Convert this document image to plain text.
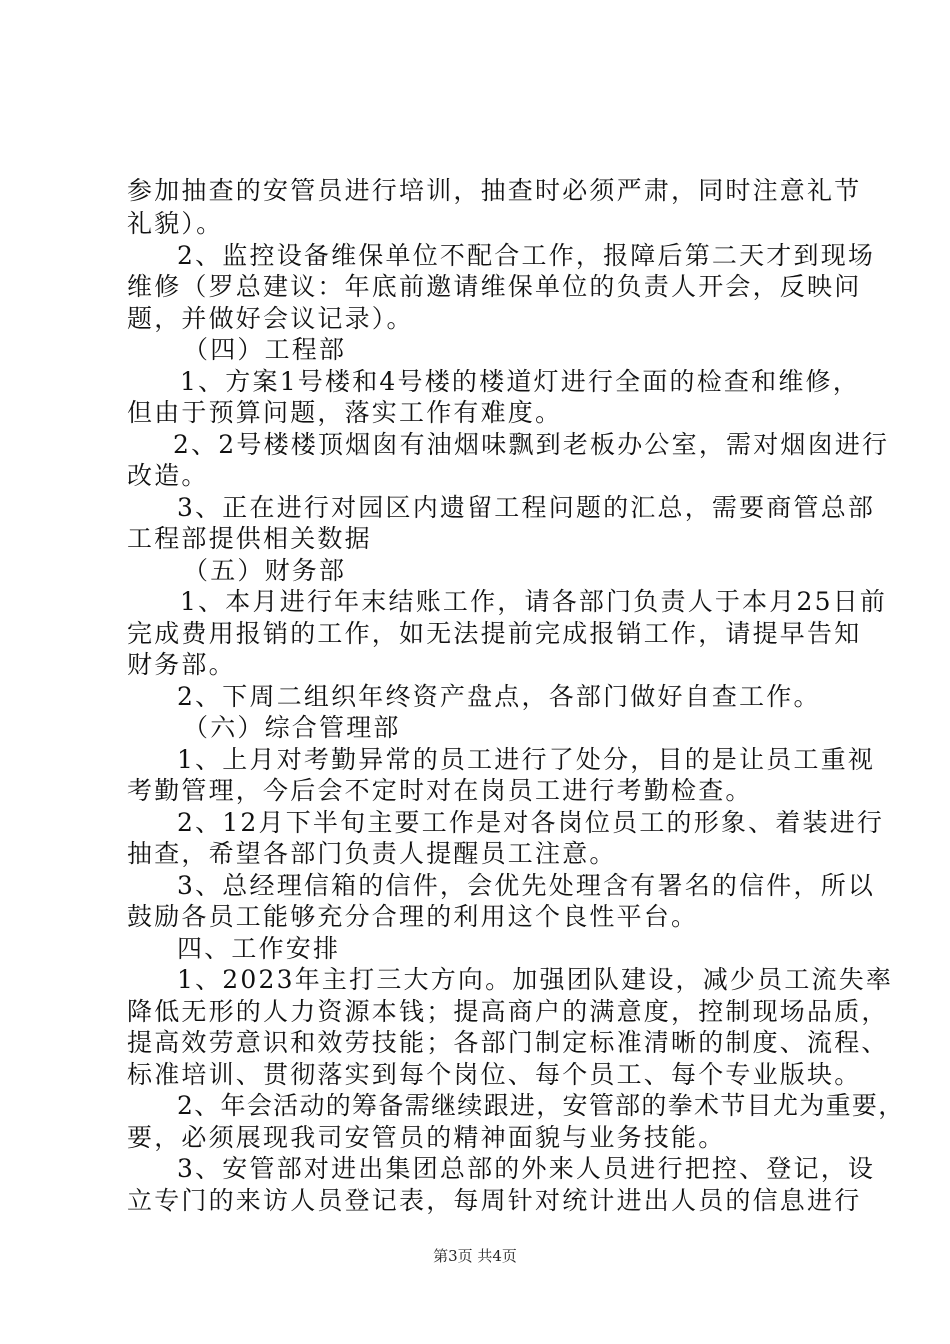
参加抽查的安管员进行培训，抽查时必须严肃，同时注意礼节
礼貌）。
2、监控设备维保单位不配合工作，报障后第二天才到现场
维修（罗总建议：年底前邀请维保单位的负责人开会，反映问
题，并做好会议记录）。
（四）工程部
1、方案1号楼和4号楼的楼道灯进行全面的检查和维修，
但由于预算问题，落实工作有难度。
2、2号楼楼顶烟囱有油烟味飘到老板办公室，需对烟囱进行
改造。
3、正在进行对园区内遗留工程问题的汇总，需要商管总部
工程部提供相关数据
（五）财务部
1、本月进行年末结账工作，请各部门负责人于本月25日前
完成费用报销的工作，如无法提前完成报销工作，请提早告知
财务部。
2、下周二组织年终资产盘点，各部门做好自查工作。
（六）综合管理部
1、上月对考勤异常的员工进行了处分，目的是让员工重视
考勤管理，今后会不定时对在岗员工进行考勤检查。
2、12月下半旬主要工作是对各岗位员工的形象、着装进行
抽查，希望各部门负责人提醒员工注意。
3、总经理信箱的信件，会优先处理含有署名的信件，所以
鼓励各员工能够充分合理的利用这个良性平台。
四、工作安排
1、2023年主打三大方向。加强团队建设，减少员工流失率
降低无形的人力资源本钱；提高商户的满意度，控制现场品质，
提高效劳意识和效劳技能；各部门制定标准清晰的制度、流程、
标准培训、贯彻落实到每个岗位、每个员工、每个专业版块。
2、年会活动的筹备需继续跟进，安管部的拳术节目尤为重要，
要，必须展现我司安管员的精神面貌与业务技能。
3、安管部对进出集团总部的外来人员进行把控、登记，设
立专门的来访人员登记表，每周针对统计进出人员的信息进行
第3页 共4页
